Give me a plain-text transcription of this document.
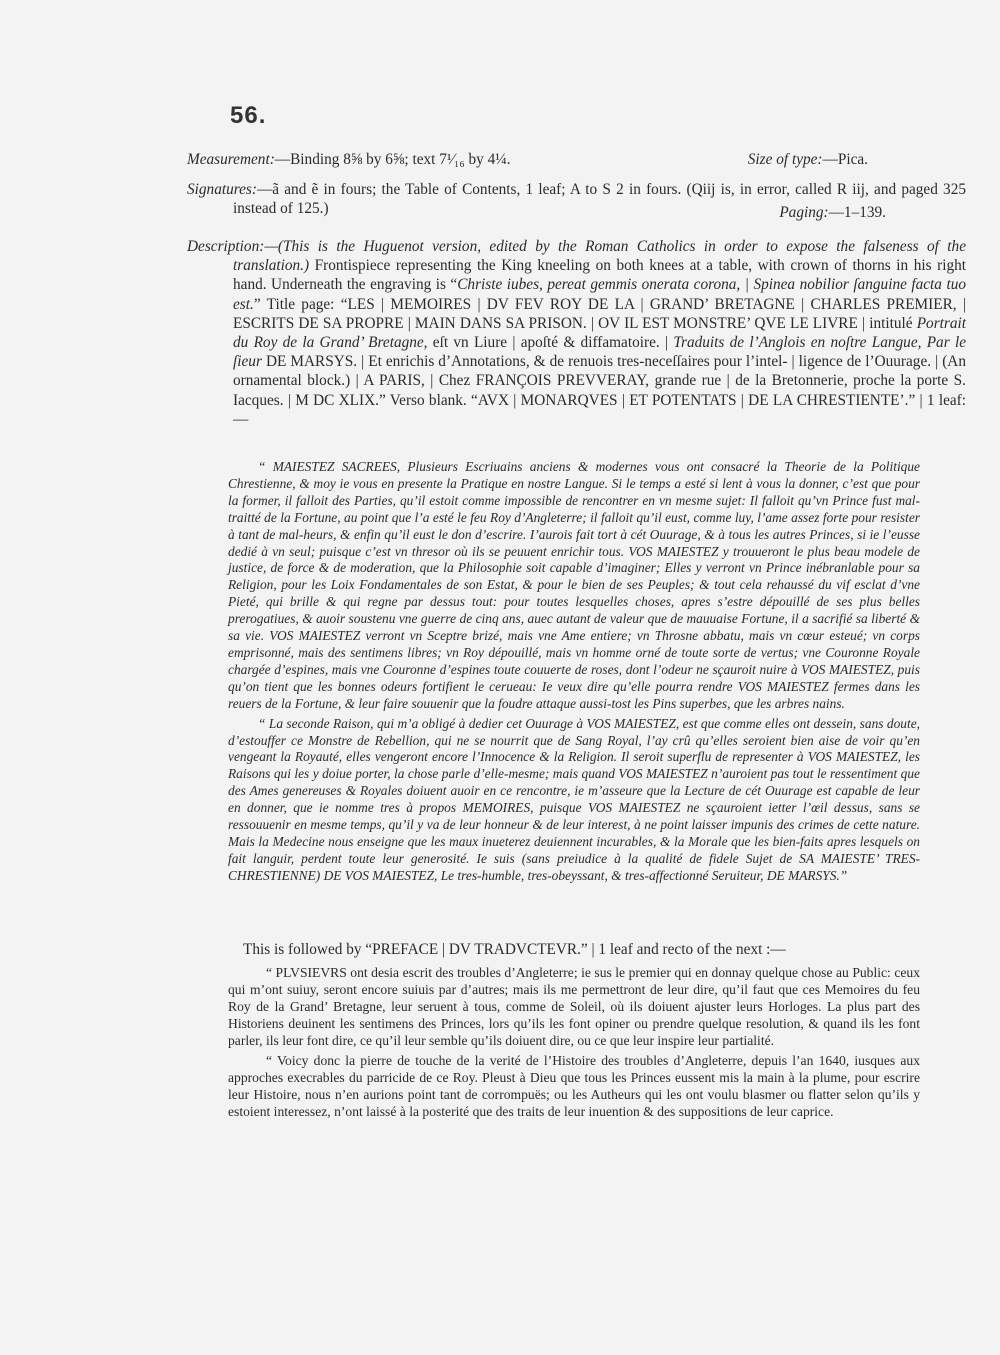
56.
Measurement:—Binding 8⅝ by 6⅝; text 7¹⁄₁₆ by 4¼.	Size of type:—Pica.
Signatures:—ã and ẽ in fours; the Table of Contents, 1 leaf; A to S 2 in fours. (Qiij is, in error, called R iij, and paged 325 instead of 125.)	Paging:—1–139.
Description:—(This is the Huguenot version, edited by the Roman Catholics in order to expose the falseness of the translation.) Frontispiece representing the King kneeling on both knees at a table, with crown of thorns in his right hand. Underneath the engraving is “Christe iubes, pereat gemmis onerata corona, | Spinea nobilior ſanguine facta tuo est.” Title page: “LES | MEMOIRES | DV FEV ROY DE LA | GRAND’ BRETAGNE | CHARLES PREMIER, | ESCRITS DE SA PROPRE | MAIN DANS SA PRISON. | OV IL EST MONSTRE’ QVE LE LIVRE | intitulé Portrait du Roy de la Grand’ Bretagne, eſt vn Liure | apoſté & diffamatoire. | Traduits de l’Anglois en noſtre Langue, Par le ſieur DE MARSYS. | Et enrichis d’Annotations, & de renuois tres-neceſſaires pour l’intel- | ligence de l’Ouurage. | (An ornamental block.) | A PARIS, | Chez FRANÇOIS PREVVERAY, grande rue | de la Bretonnerie, proche la porte S. Iacques. | M DC XLIX.” Verso blank. “AVX | MONARQVES | ET POTENTATS | DE LA CHRESTIENTE’.” | 1 leaf:—

“ MAIESTEZ SACREES, Plusieurs Escriuains anciens & modernes vous ont consacré la Theorie de la Politique Chrestienne, & moy ie vous en presente la Pratique en nostre Langue. Si le temps a esté si lent à vous la donner, c’est que pour la former, il falloit des Parties, qu’il estoit comme impossible de rencontrer en vn mesme sujet: Il falloit qu’vn Prince fust mal-traitté de la Fortune, au point que l’a esté le feu Roy d’Angleterre; il falloit qu’il eust, comme luy, l’ame assez forte pour resister à tant de mal-heurs, & enfin qu’il eust le don d’escrire. I’aurois fait tort à cét Ouurage, & à tous les autres Princes, si ie l’eusse dedié à vn seul; puisque c’est vn thresor où ils se peuuent enrichir tous. VOS MAIESTEZ y trouueront le plus beau modele de justice, de force & de moderation, que la Philosophie soit capable d’imaginer; Elles y verront vn Prince inébranlable pour sa Religion, pour les Loix Fondamentales de son Estat, & pour le bien de ses Peuples; & tout cela rehaussé du vif esclat d’vne Pieté, qui brille & qui regne par dessus tout: pour toutes lesquelles choses, apres s’estre dépouillé de ses plus belles prerogatiues, & auoir soustenu vne guerre de cinq ans, auec autant de valeur que de mauuaise Fortune, il a sacrifié sa liberté & sa vie. VOS MAIESTEZ verront vn Sceptre brizé, mais vne Ame entiere; vn Throsne abbatu, mais vn cœur esteué; vn corps emprisonné, mais des sentimens libres; vn Roy dépouillé, mais vn homme orné de toute sorte de vertus; vne Couronne Royale chargée d’espines, mais vne Couronne d’espines toute couuerte de roses, dont l’odeur ne sçauroit nuire à VOS MAIESTEZ, puis qu’on tient que les bonnes odeurs fortifient le cerueau: Ie veux dire qu’elle pourra rendre VOS MAIESTEZ fermes dans les reuers de la Fortune, & leur faire souuenir que la foudre attaque aussi-tost les Pins superbes, que les arbres nains.

“ La seconde Raison, qui m’a obligé à dedier cet Ouurage à VOS MAIESTEZ, est que comme elles ont dessein, sans doute, d’estouffer ce Monstre de Rebellion, qui ne se nourrit que de Sang Royal, l’ay crû qu’elles seroient bien aise de voir qu’en vengeant la Royauté, elles vengeront encore l’Innocence & la Religion. Il seroit superflu de representer à VOS MAIESTEZ, les Raisons qui les y doiue porter, la chose parle d’elle-mesme; mais quand VOS MAIESTEZ n’auroient pas tout le ressentiment que des Ames genereuses & Royales doiuent auoir en ce rencontre, ie m’asseure que la Lecture de cét Ouurage est capable de leur en donner, que ie nomme tres à propos MEMOIRES, puisque VOS MAIESTEZ ne sçauroient ietter l’œil dessus, sans se ressouuenir en mesme temps, qu’il y va de leur honneur & de leur interest, à ne point laisser impunis des crimes de cette nature. Mais la Medecine nous enseigne que les maux inueterez deuiennent incurables, & la Morale que les bien-faits apres lesquels on fait languir, perdent toute leur generosité. Ie suis (sans preiudice à la qualité de fidele Sujet de SA MAIESTE’ TRES-CHRESTIENNE) DE VOS MAIESTEZ, Le tres-humble, tres-obeyssant, & tres-affectionné Seruiteur, DE MARSYS.”

This is followed by “PREFACE | DV TRADVCTEVR.” | 1 leaf and recto of the next :—

“ PLVSIEVRS ont desia escrit des troubles d’Angleterre; ie sus le premier qui en donnay quelque chose au Public: ceux qui m’ont suiuy, seront encore suiuis par d’autres; mais ils me permettront de leur dire, qu’il faut que ces Memoires du feu Roy de la Grand’ Bretagne, leur seruent à tous, comme de Soleil, où ils doiuent ajuster leurs Horloges. La plus part des Historiens deuinent les sentimens des Princes, lors qu’ils les font opiner ou prendre quelque resolution, & quand ils les font parler, ils leur font dire, ce qu’il leur semble qu’ils doiuent dire, ou ce que leur inspire leur partialité.

“ Voicy donc la pierre de touche de la verité de l’Histoire des troubles d’Angleterre, depuis l’an 1640, iusques aux approches execrables du parricide de ce Roy. Pleust à Dieu que tous les Princes eussent mis la main à la plume, pour escrire leur Histoire, nous n’en aurions point tant de corrompuës; ou les Autheurs qui les ont voulu blasmer ou flatter selon qu’ils y estoient interessez, n’ont laissé à la posterité que des traits de leur inuention & des suppositions de leur caprice.
